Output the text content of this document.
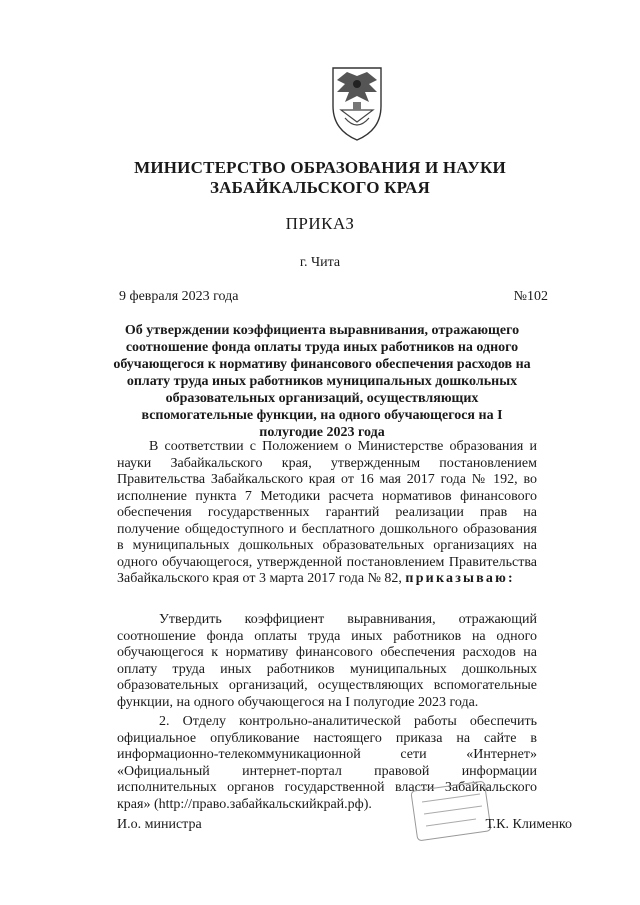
МИНИСТЕРСТВО ОБРАЗОВАНИЯ И НАУКИ
ЗАБАЙКАЛЬСКОГО КРАЯ
ПРИКАЗ
г. Чита
9 февраля 2023 года	№102
Об утверждении коэффициента выравнивания, отражающего соотношение фонда оплаты труда иных работников на одного обучающегося к нормативу финансового обеспечения расходов на оплату труда иных работников муниципальных дошкольных образовательных организаций, осуществляющих вспомогательные функции, на одного обучающегося на I полугодие 2023 года
В соответствии с Положением о Министерстве образования и науки Забайкальского края, утвержденным постановлением Правительства Забайкальского края от 16 мая 2017 года № 192, во исполнение пункта 7 Методики расчета нормативов финансового обеспечения государственных гарантий реализации прав на получение общедоступного и бесплатного дошкольного образования в муниципальных дошкольных образовательных организациях на одного обучающегося, утвержденной постановлением Правительства Забайкальского края от 3 марта 2017 года № 82, приказываю:
Утвердить коэффициент выравнивания, отражающий соотношение фонда оплаты труда иных работников на одного обучающегося к нормативу финансового обеспечения расходов на оплату труда иных работников муниципальных дошкольных образовательных организаций, осуществляющих вспомогательные функции, на одного обучающегося на I полугодие 2023 года.
2. Отделу контрольно-аналитической работы обеспечить официальное опубликование настоящего приказа на сайте в информационно-телекоммуникационной сети «Интернет» «Официальный интернет-портал правовой информации исполнительных органов государственной власти Забайкальского края» (http://право.забайкальскийкрай.рф).
И.о. министра	Т.К. Клименко
